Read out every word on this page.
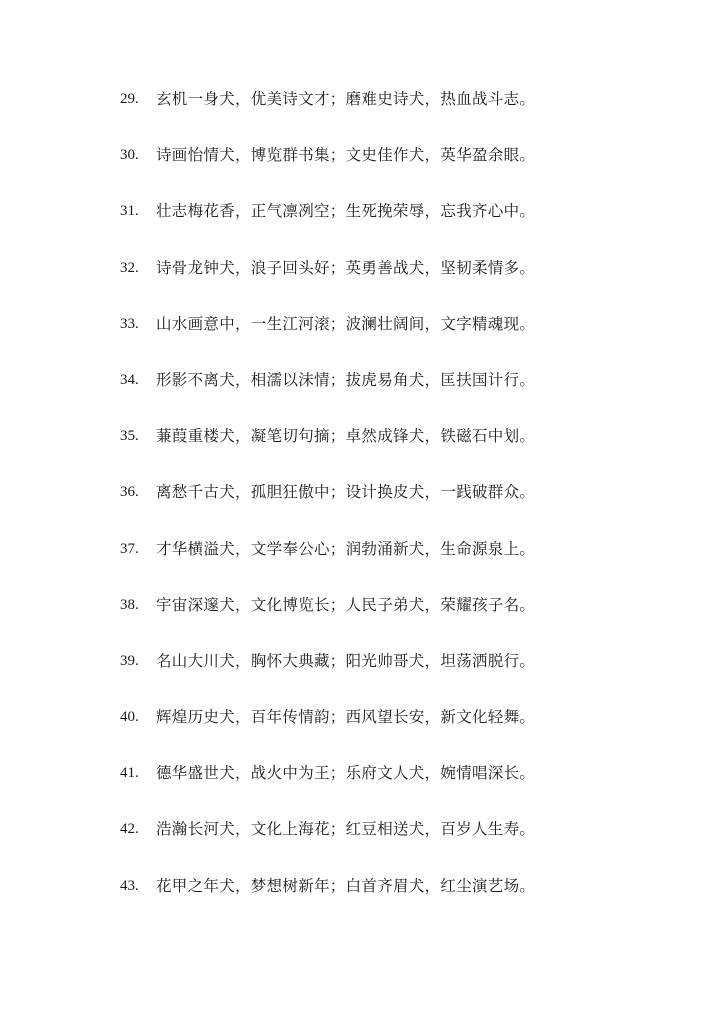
29.	玄机一身犬，优美诗文才；磨难史诗犬，热血战斗志。
30.	诗画怡情犬，博览群书集；文史佳作犬，英华盈余眼。
31.	壮志梅花香，正气凛冽空；生死挽荣辱，忘我齐心中。
32.	诗骨龙钟犬，浪子回头好；英勇善战犬，坚韧柔情多。
33.	山水画意中，一生江河滚；波澜壮阔间，文字精魂现。
34.	形影不离犬，相濡以沫情；拔虎易角犬，匡扶国计行。
35.	蒹葭重楼犬，凝笔切句摘；卓然成锋犬，铁磁石中划。
36.	离愁千古犬，孤胆狂傲中；设计换皮犬，一践破群众。
37.	才华横溢犬，文学奉公心；润勃涌新犬，生命源泉上。
38.	宇宙深邃犬，文化博览长；人民子弟犬，荣耀孩子名。
39.	名山大川犬，胸怀大典藏；阳光帅哥犬，坦荡洒脱行。
40.	辉煌历史犬，百年传情韵；西风望长安，新文化轻舞。
41.	德华盛世犬，战火中为王；乐府文人犬，婉情唱深长。
42.	浩瀚长河犬，文化上海花；红豆相送犬，百岁人生寿。
43.	花甲之年犬，梦想树新年；白首齐眉犬，红尘演艺场。
